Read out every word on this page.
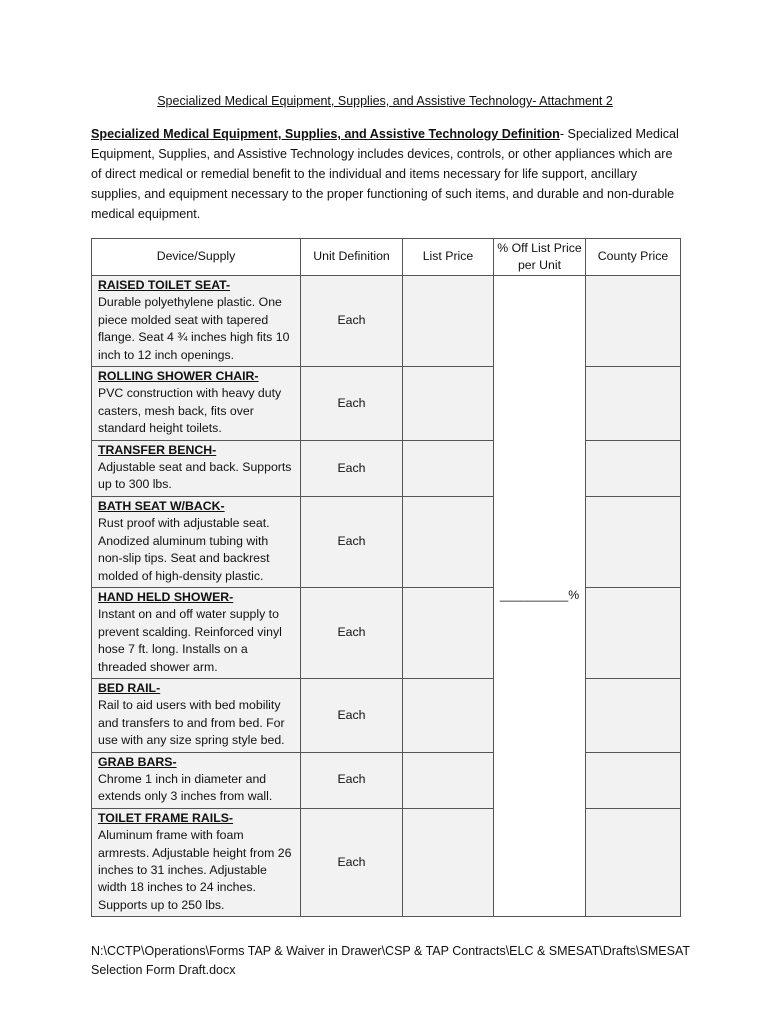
Specialized Medical Equipment, Supplies, and Assistive Technology- Attachment 2
Specialized Medical Equipment, Supplies, and Assistive Technology Definition- Specialized Medical Equipment, Supplies, and Assistive Technology includes devices, controls, or other appliances which are of direct medical or remedial benefit to the individual and items necessary for life support, ancillary supplies, and equipment necessary to the proper functioning of such items, and durable and non-durable medical equipment.
Device/Supply	Unit Definition	List Price	% Off List Price per Unit	County Price

RAISED TOILET SEAT-
Durable polyethylene plastic. One piece molded seat with tapered flange. Seat 4 ¾ inches high fits 10 inch to 12 inch openings.	Each		__________%	

ROLLING SHOWER CHAIR-
PVC construction with heavy duty casters, mesh back, fits over standard height toilets.	Each			

TRANSFER BENCH-
Adjustable seat and back. Supports up to 300 lbs.	Each			

BATH SEAT W/BACK-
Rust proof with adjustable seat. Anodized aluminum tubing with non-slip tips. Seat and backrest molded of high-density plastic.	Each			

HAND HELD SHOWER-
Instant on and off water supply to prevent scalding. Reinforced vinyl hose 7 ft. long. Installs on a threaded shower arm.	Each			

BED RAIL-
Rail to aid users with bed mobility and transfers to and from bed. For use with any size spring style bed.	Each			

GRAB BARS-
Chrome 1 inch in diameter and extends only 3 inches from wall.	Each			

TOILET FRAME RAILS-
Aluminum frame with foam armrests. Adjustable height from 26 inches to 31 inches. Adjustable width 18 inches to 24 inches. Supports up to 250 lbs.	Each			
N:\CCTP\Operations\Forms TAP & Waiver in Drawer\CSP & TAP Contracts\ELC & SMESAT\Drafts\SMESAT Selection Form Draft.docx
